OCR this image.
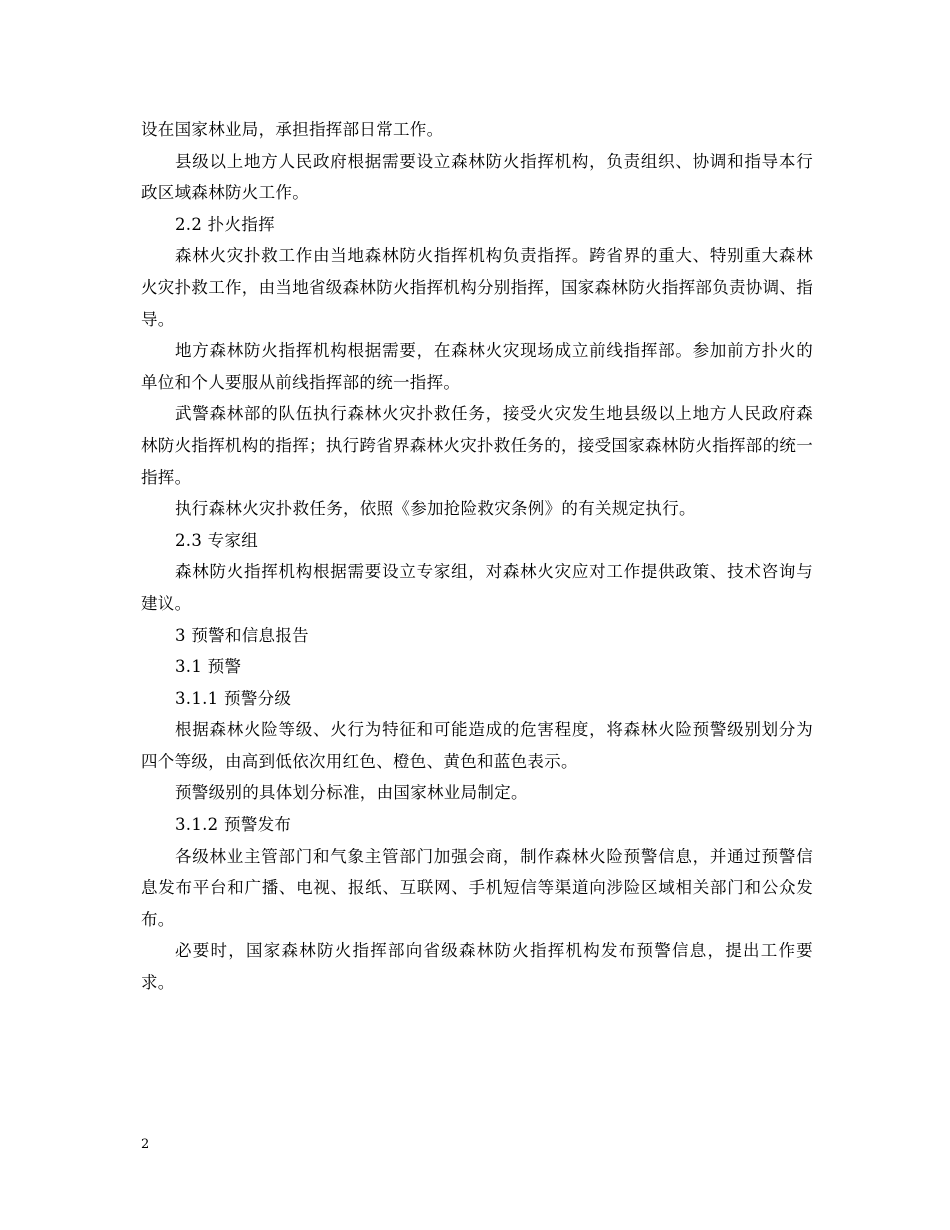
设在国家林业局，承担指挥部日常工作。

县级以上地方人民政府根据需要设立森林防火指挥机构，负责组织、协调和指导本行政区域森林防火工作。

2.2 扑火指挥

森林火灾扑救工作由当地森林防火指挥机构负责指挥。跨省界的重大、特别重大森林火灾扑救工作，由当地省级森林防火指挥机构分别指挥，国家森林防火指挥部负责协调、指导。

地方森林防火指挥机构根据需要，在森林火灾现场成立前线指挥部。参加前方扑火的单位和个人要服从前线指挥部的统一指挥。

武警森林部的队伍执行森林火灾扑救任务，接受火灾发生地县级以上地方人民政府森林防火指挥机构的指挥；执行跨省界森林火灾扑救任务的，接受国家森林防火指挥部的统一指挥。

执行森林火灾扑救任务，依照《参加抢险救灾条例》的有关规定执行。

2.3 专家组

森林防火指挥机构根据需要设立专家组，对森林火灾应对工作提供政策、技术咨询与建议。

3 预警和信息报告

3.1 预警

3.1.1 预警分级

根据森林火险等级、火行为特征和可能造成的危害程度，将森林火险预警级别划分为四个等级，由高到低依次用红色、橙色、黄色和蓝色表示。

预警级别的具体划分标准，由国家林业局制定。

3.1.2 预警发布

各级林业主管部门和气象主管部门加强会商，制作森林火险预警信息，并通过预警信息发布平台和广播、电视、报纸、互联网、手机短信等渠道向涉险区域相关部门和公众发布。

必要时，国家森林防火指挥部向省级森林防火指挥机构发布预警信息，提出工作要求。

2
